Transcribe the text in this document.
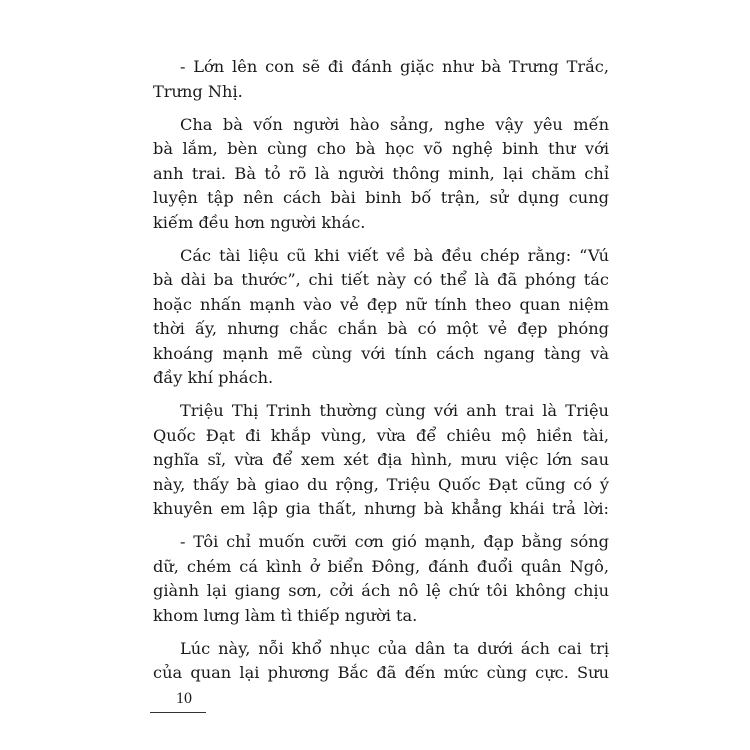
- Lớn lên con sẽ đi đánh giặc như bà Trưng Trắc,
Trưng Nhị.
Cha bà vốn người hào sảng, nghe vậy yêu mến
bà lắm, bèn cùng cho bà học võ nghệ binh thư với
anh trai. Bà tỏ rõ là người thông minh, lại chăm chỉ
luyện tập nên cách bài binh bố trận, sử dụng cung
kiếm đều hơn người khác.
Các tài liệu cũ khi viết về bà đều chép rằng: “Vú
bà dài ba thước”, chi tiết này có thể là đã phóng tác
hoặc nhấn mạnh vào vẻ đẹp nữ tính theo quan niệm
thời ấy, nhưng chắc chắn bà có một vẻ đẹp phóng
khoáng mạnh mẽ cùng với tính cách ngang tàng và
đầy khí phách.
Triệu Thị Trinh thường cùng với anh trai là Triệu
Quốc Đạt đi khắp vùng, vừa để chiêu mộ hiền tài,
nghĩa sĩ, vừa để xem xét địa hình, mưu việc lớn sau
này, thấy bà giao du rộng, Triệu Quốc Đạt cũng có ý
khuyên em lập gia thất, nhưng bà khẳng khái trả lời:
- Tôi chỉ muốn cưỡi cơn gió mạnh, đạp bằng sóng
dữ, chém cá kình ở biển Đông, đánh đuổi quân Ngô,
giành lại giang sơn, cởi ách nô lệ chứ tôi không chịu
khom lưng làm tì thiếp người ta.
Lúc này, nỗi khổ nhục của dân ta dưới ách cai trị
của quan lại phương Bắc đã đến mức cùng cực. Sưu
10
